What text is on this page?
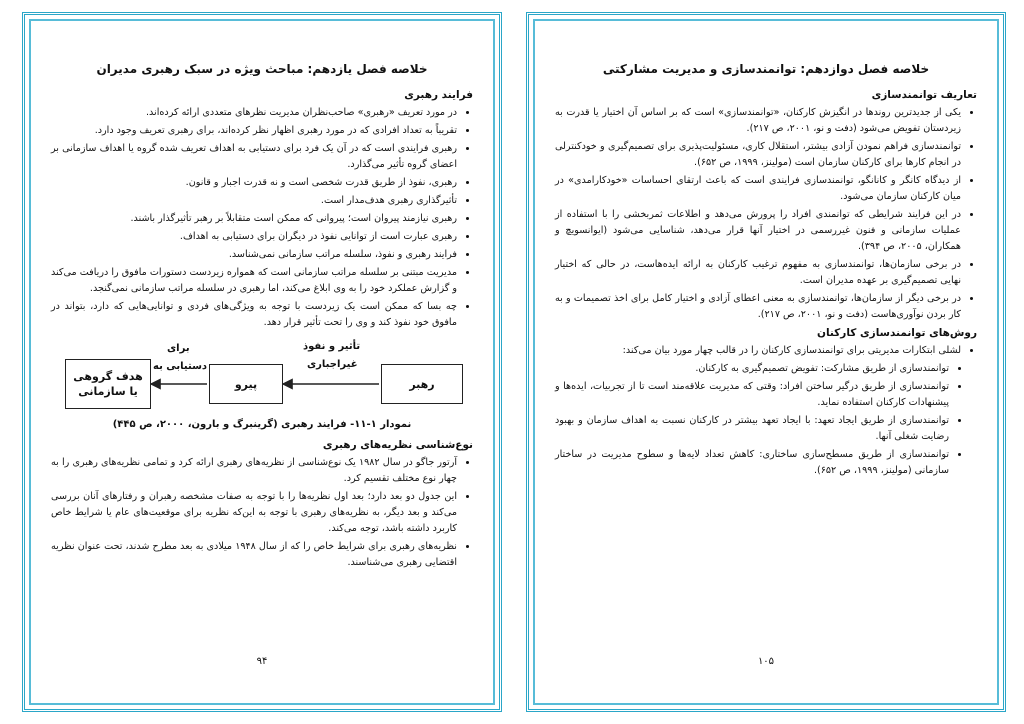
خلاصه فصل یازدهم: مباحث ویژه در سبک رهبری مدیران
فرایند رهبری
• در مورد تعریف «رهبری» صاحب‌نظران مدیریت نظرهای متعددی ارائه کرده‌اند.
• تقریباً به تعداد افرادی که در مورد رهبری اظهار نظر کرده‌اند، برای رهبری تعریف وجود دارد.
• رهبری فرایندی است که در آن یک فرد برای دستیابی به اهداف تعریف شده گروه یا اهداف سازمانی بر اعضای گروه تأثیر می‌گذارد.
• رهبری، نفوذ از طریق قدرت شخصی است و نه قدرت اجبار و قانون.
• تأثیرگذاری رهبری هدف‌مدار است.
• رهبری نیازمند پیروان است؛ پیروانی که ممکن است متقابلاً بر رهبر تأثیرگذار باشند.
• رهبری عبارت است از توانایی نفوذ در دیگران برای دستیابی به اهداف.
• فرایند رهبری و نفوذ، سلسله مراتب سازمانی نمی‌شناسد.
• مدیریت مبتنی بر سلسله مراتب سازمانی است که همواره زیردست دستورات مافوق را دریافت می‌کند و گزارش عملکرد خود را به وی ابلاغ می‌کند، اما رهبری در سلسله مراتب سازمانی نمی‌گنجد.
• چه بسا که ممکن است یک زیردست با توجه به ویژگی‌های فردی و توانایی‌هایی که دارد، بتواند در مافوق خود نفوذ کند و وی را تحت تأثیر قرار دهد.
رهبر
پیرو
هدف گروهی
یا سازمانی
تأثیر و نفوذ
غیراجباری
برای
دستیابی به
نمودار ۱-۱۱- فرایند رهبری (گرینبرگ و بارون، ۲۰۰۰، ص ۴۴۵)
نوع‌شناسی نظریه‌های رهبری
• آرتور جاگو در سال ۱۹۸۲ یک نوع‌شناسی از نظریه‌های رهبری ارائه کرد و تمامی نظریه‌های رهبری را به چهار نوع مختلف تقسیم کرد.
• این جدول دو بعد دارد؛ بعد اول نظریه‌ها را با توجه به صفات مشخصه رهبران و رفتارهای آنان بررسی می‌کند و بعد دیگر، به نظریه‌های رهبری با توجه به این‌که نظریه برای موقعیت‌های عام یا شرایط خاص کاربرد داشته باشد، توجه می‌کند.
• نظریه‌های رهبری برای شرایط خاص را که از سال ۱۹۴۸ میلادی به بعد مطرح شدند، تحت عنوان نظریه اقتضایی رهبری می‌شناسند.
۹۴
خلاصه فصل دوازدهم: توانمندسازی و مدیریت مشارکتی
تعاریف توانمندسازی
• یکی از جدیدترین روندها در انگیزش کارکنان، «توانمندسازی» است که بر اساس آن اختیار یا قدرت به زیردستان تفویض می‌شود (دفت و نو، ۲۰۰۱، ص ۲۱۷).
• توانمندسازی فراهم نمودن آزادی بیشتر، استقلال کاری، مسئولیت‌پذیری برای تصمیم‌گیری و خودکنترلی در انجام کارها برای کارکنان سازمان است (مولینز، ۱۹۹۹، ص ۶۵۲).
• از دیدگاه کانگر و کانانگو، توانمندسازی فرایندی است که باعث ارتقای احساسات «خودکارامدی» در میان کارکنان سازمان می‌شود.
• در این فرایند شرایطی که توانمندی افراد را پرورش می‌دهد و اطلاعات ثمربخشی را با استفاده از عملیات سازمانی و فنون غیررسمی در اختیار آنها قرار می‌دهد، شناسایی می‌شود (ایوانسویچ و همکاران، ۲۰۰۵، ص ۳۹۴).
• در برخی سازمان‌ها، توانمندسازی به مفهوم ترغیب کارکنان به ارائه ایده‌هاست، در حالی که اختیار نهایی تصمیم‌گیری بر عهده مدیران است.
• در برخی دیگر از سازمان‌ها، توانمندسازی به معنی اعطای آزادی و اختیار کامل برای اخذ تصمیمات و به کار بردن نوآوری‌هاست (دفت و نو، ۲۰۰۱، ص ۲۱۷).
روش‌های توانمندسازی کارکنان
• لشلی ابتکارات مدیریتی برای توانمندسازی کارکنان را در قالب چهار مورد بیان می‌کند:
• توانمندسازی از طریق مشارکت: تفویض تصمیم‌گیری به کارکنان.
• توانمندسازی از طریق درگیر ساختن افراد: وقتی که مدیریت علاقه‌مند است تا از تجربیات، ایده‌ها و پیشنهادات کارکنان استفاده نماید.
• توانمندسازی از طریق ایجاد تعهد: با ایجاد تعهد بیشتر در کارکنان نسبت به اهداف سازمان و بهبود رضایت شغلی آنها.
• توانمندسازی از طریق مسطح‌سازی ساختاری: کاهش تعداد لایه‌ها و سطوح مدیریت در ساختار سازمانی (مولینز، ۱۹۹۹، ص ۶۵۲).
۱۰۵
